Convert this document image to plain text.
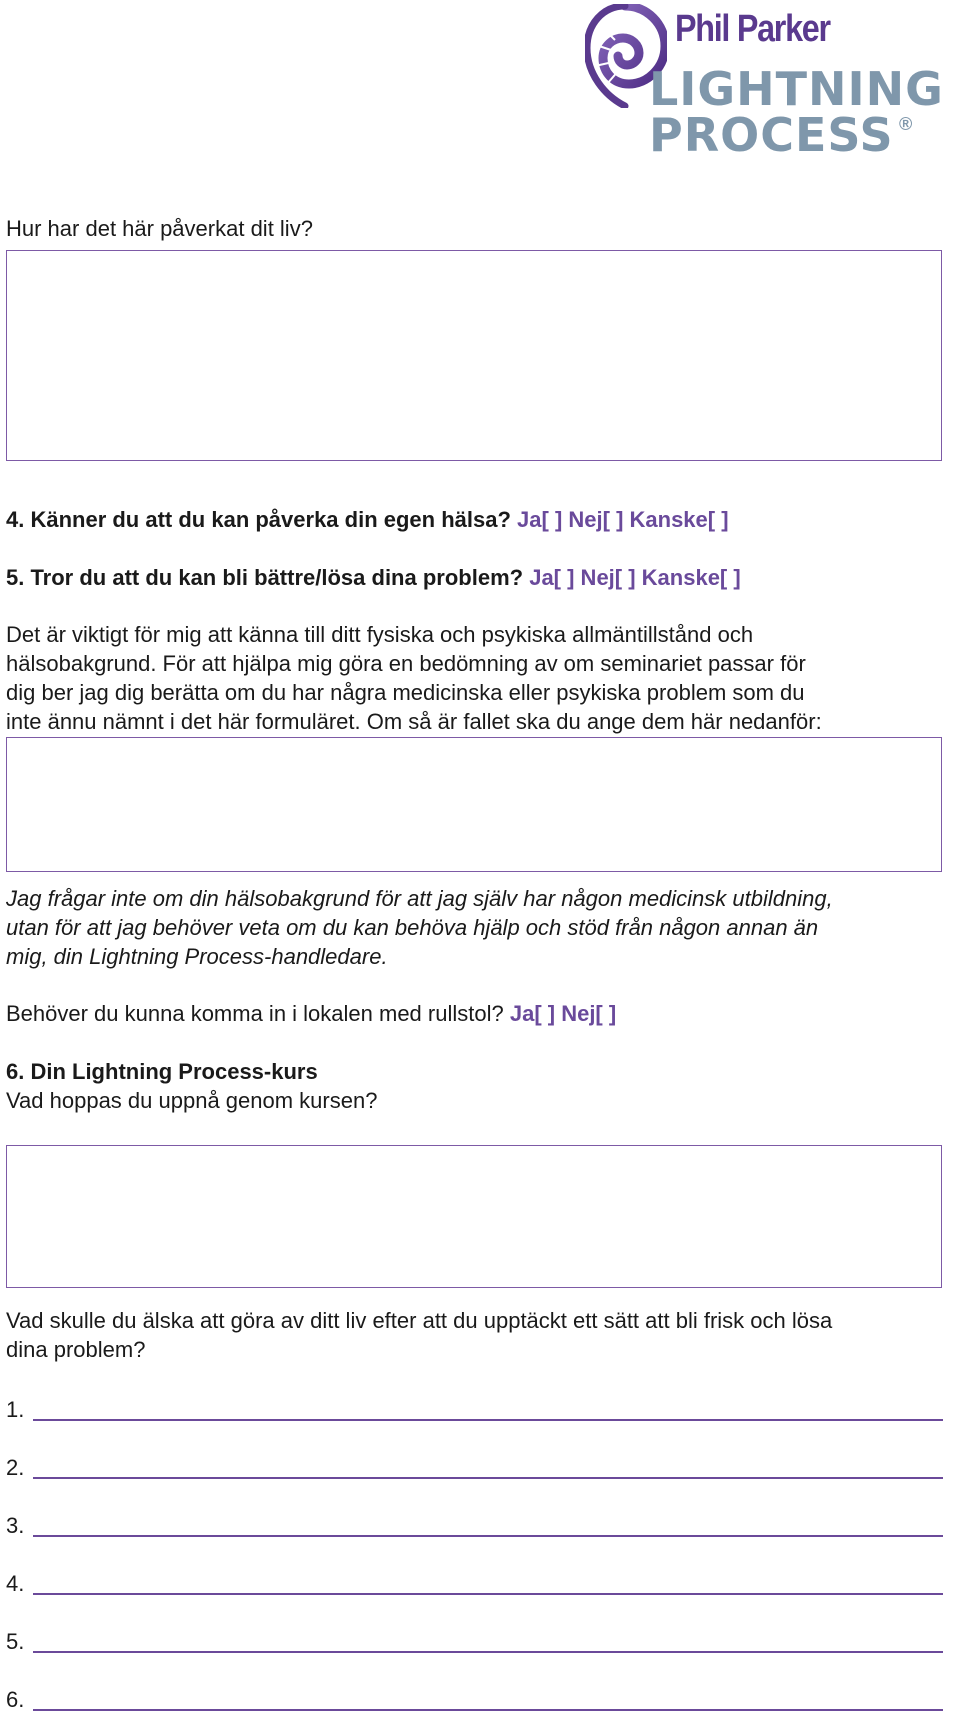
Phil Parker
LIGHTNING
PROCESS ®
Hur har det här påverkat dit liv?
4. Känner du att du kan påverka din egen hälsa? Ja[ ] Nej[ ] Kanske[ ]
5. Tror du att du kan bli bättre/lösa dina problem? Ja[ ] Nej[ ] Kanske[ ]
Det är viktigt för mig att känna till ditt fysiska och psykiska allmäntillstånd och
hälsobakgrund. För att hjälpa mig göra en bedömning av om seminariet passar för
dig ber jag dig berätta om du har några medicinska eller psykiska problem som du
inte ännu nämnt i det här formuläret. Om så är fallet ska du ange dem här nedanför:
Jag frågar inte om din hälsobakgrund för att jag själv har någon medicinsk utbildning,
utan för att jag behöver veta om du kan behöva hjälp och stöd från någon annan än
mig, din Lightning Process-handledare.
Behöver du kunna komma in i lokalen med rullstol? Ja[ ] Nej[ ]
6. Din Lightning Process-kurs
Vad hoppas du uppnå genom kursen?
Vad skulle du älska att göra av ditt liv efter att du upptäckt ett sätt att bli frisk och lösa
dina problem?
1.
2.
3.
4.
5.
6.
